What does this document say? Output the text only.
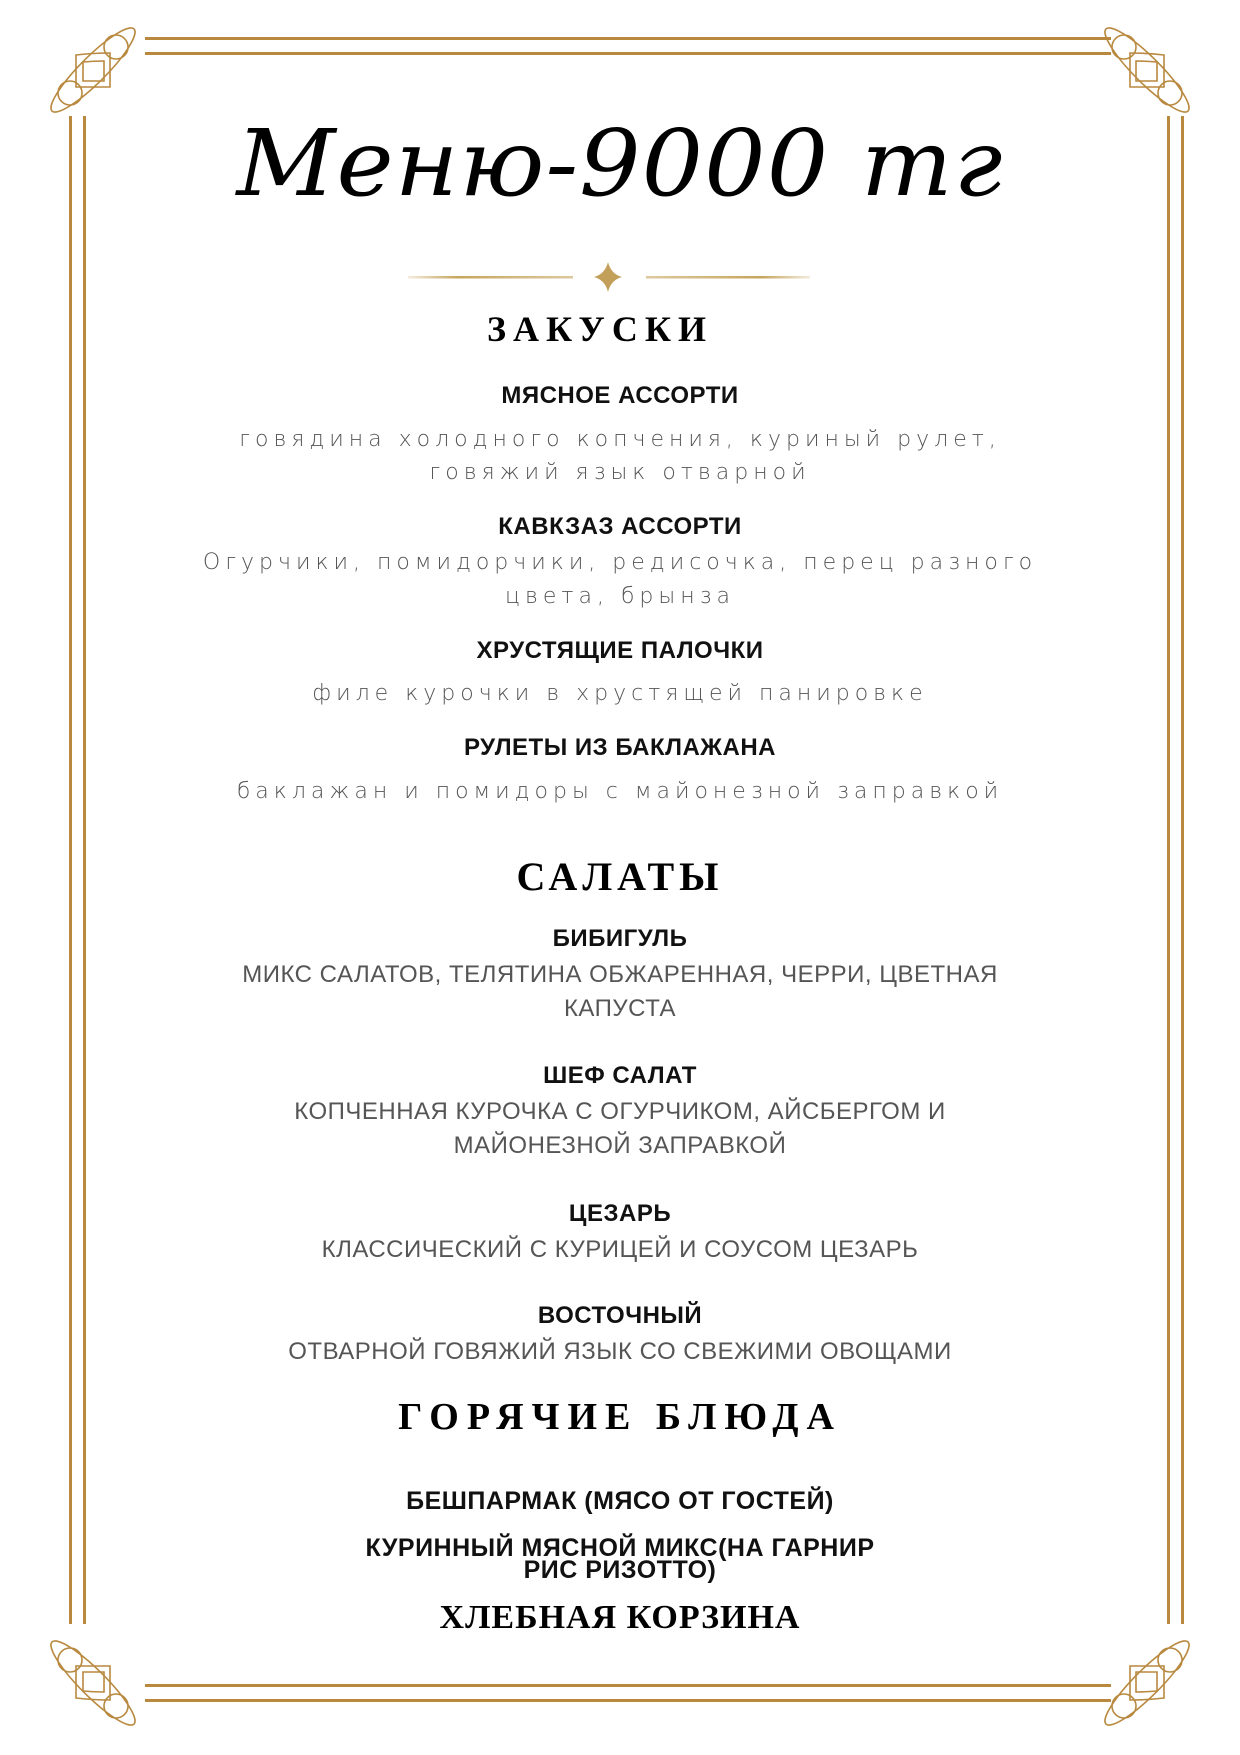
Меню-9000 тг
ЗАКУСКИ
МЯСНОЕ АССОРТИ
говядина холодного копчения, куриный рулет,
говяжий язык отварной
КАВКЗАЗ АССОРТИ
Огурчики, помидорчики, редисочка, перец разного
цвета, брынза
ХРУСТЯЩИЕ ПАЛОЧКИ
филе курочки в хрустящей панировке
РУЛЕТЫ ИЗ БАКЛАЖАНА
баклажан и помидоры с майонезной заправкой
САЛАТЫ
БИБИГУЛЬ
МИКС САЛАТОВ, ТЕЛЯТИНА ОБЖАРЕННАЯ, ЧЕРРИ, ЦВЕТНАЯ
КАПУСТА
ШЕФ САЛАТ
КОПЧЕННАЯ КУРОЧКА С ОГУРЧИКОМ, АЙСБЕРГОМ И
МАЙОНЕЗНОЙ ЗАПРАВКОЙ
ЦЕЗАРЬ
КЛАССИЧЕСКИЙ С КУРИЦЕЙ И СОУСОМ ЦЕЗАРЬ
ВОСТОЧНЫЙ
ОТВАРНОЙ ГОВЯЖИЙ ЯЗЫК СО СВЕЖИМИ ОВОЩАМИ
ГОРЯЧИЕ БЛЮДА
БЕШПАРМАК (МЯСО ОТ ГОСТЕЙ)
КУРИННЫЙ МЯСНОЙ МИКС(НА ГАРНИР
РИС РИЗОТТО)
ХЛЕБНАЯ КОРЗИНА
